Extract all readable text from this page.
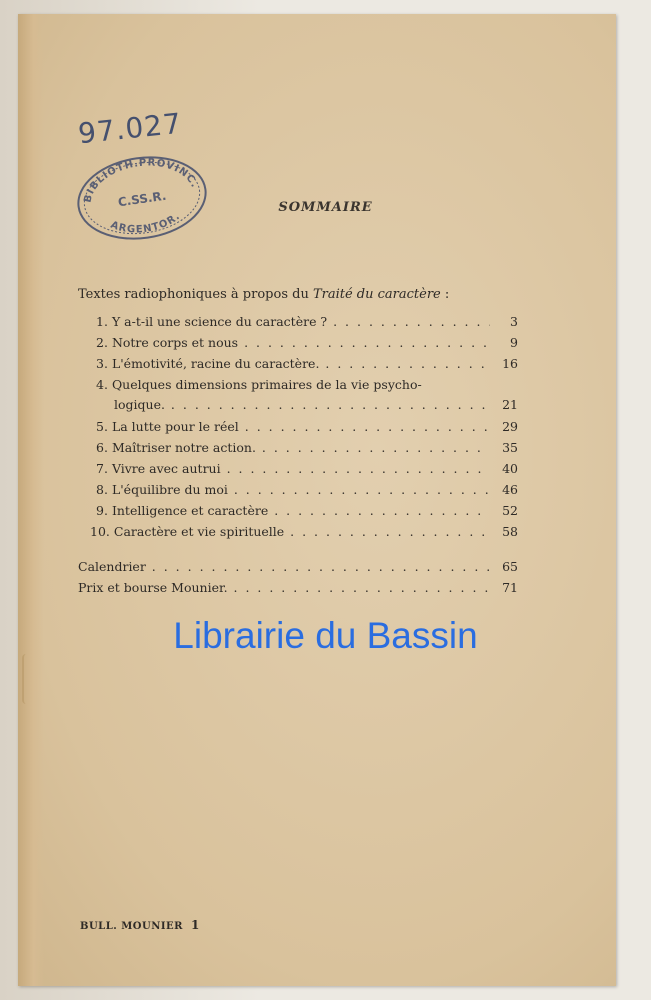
97.027
BIBLIOTH.PROVINC.
C.SS.R.
ARGENTOR.
SOMMAIRE
Textes radiophoniques à propos du Traité du caractère :
1. Y a-t-il une science du caractère ? . . .	3
2. Notre corps et nous . . .	9
3. L'émotivité, racine du caractère. . . .	16
4. Quelques dimensions primaires de la vie psycho-
logique. . . .	21
5. La lutte pour le réel . . .	29
6. Maîtriser notre action. . . .	35
7. Vivre avec autrui . . .	40
8. L'équilibre du moi . . .	46
9. Intelligence et caractère . . .	52
10. Caractère et vie spirituelle . . .	58
Calendrier . . .	65
Prix et bourse Mounier. . . .	71
Librairie du Bassin
BULL. MOUNIER 1
